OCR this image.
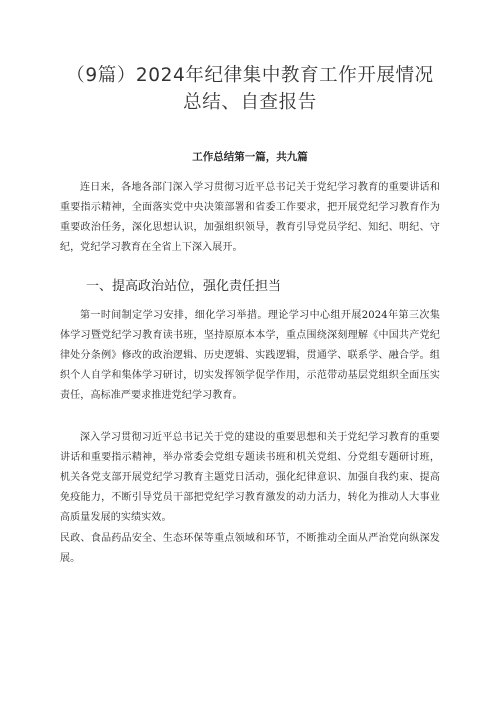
（9篇）2024年纪律集中教育工作开展情况总结、自查报告

工作总结第一篇，共九篇

连日来，各地各部门深入学习贯彻习近平总书记关于党纪学习教育的重要讲话和重要指示精神，全面落实党中央决策部署和省委工作要求，把开展党纪学习教育作为重要政治任务，深化思想认识，加强组织领导，教育引导党员学纪、知纪、明纪、守纪，党纪学习教育在全省上下深入展开。

一、提高政治站位，强化责任担当

第一时间制定学习安排，细化学习举措。理论学习中心组开展2024年第三次集体学习暨党纪学习教育读书班，坚持原原本本学，重点围绕深刻理解《中国共产党纪律处分条例》修改的政治逻辑、历史逻辑、实践逻辑，贯通学、联系学、融合学。组织个人自学和集体学习研讨，切实发挥领学促学作用，示范带动基层党组织全面压实责任，高标准严要求推进党纪学习教育。

深入学习贯彻习近平总书记关于党的建设的重要思想和关于党纪学习教育的重要讲话和重要指示精神，举办常委会党组专题读书班和机关党组、分党组专题研讨班，机关各党支部开展党纪学习教育主题党日活动，强化纪律意识、加强自我约束、提高免疫能力，不断引导党员干部把党纪学习教育激发的动力活力，转化为推动人大事业高质量发展的实绩实效。

民政、食品药品安全、生态环保等重点领域和环节，不断推动全面从严治党向纵深发展。
